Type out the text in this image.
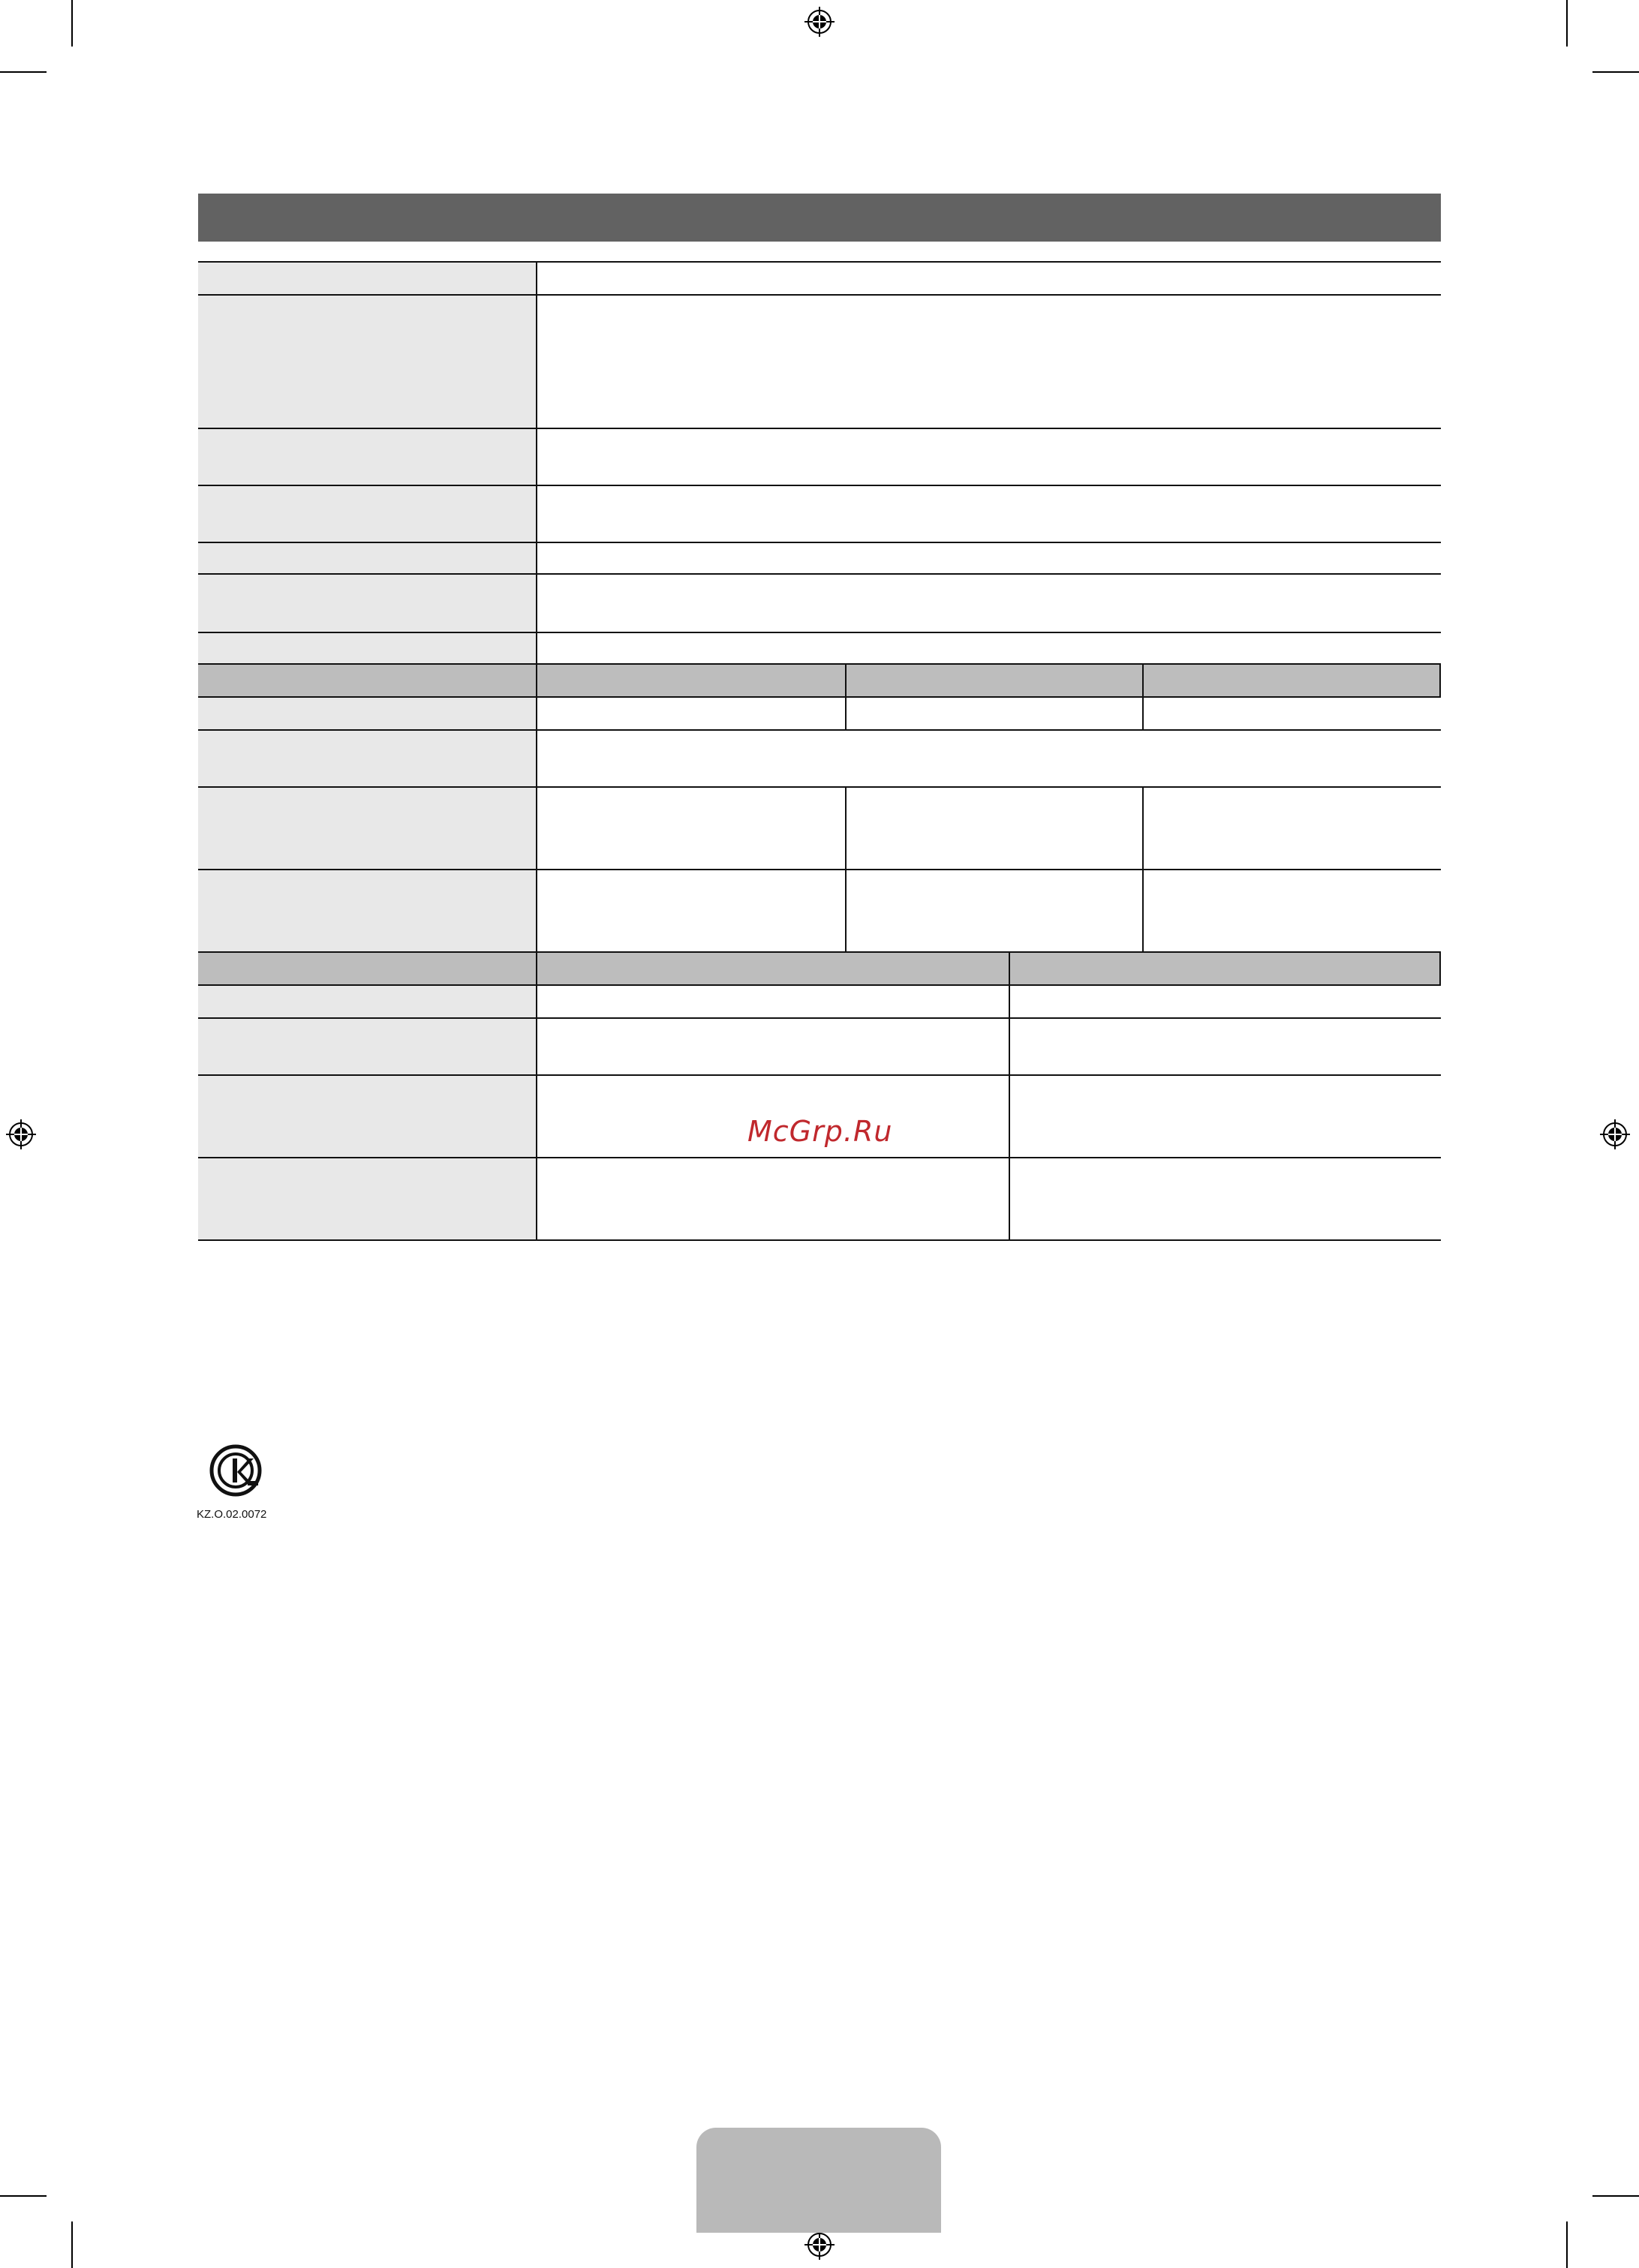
McGrp.Ru
KZ.O.02.0072
